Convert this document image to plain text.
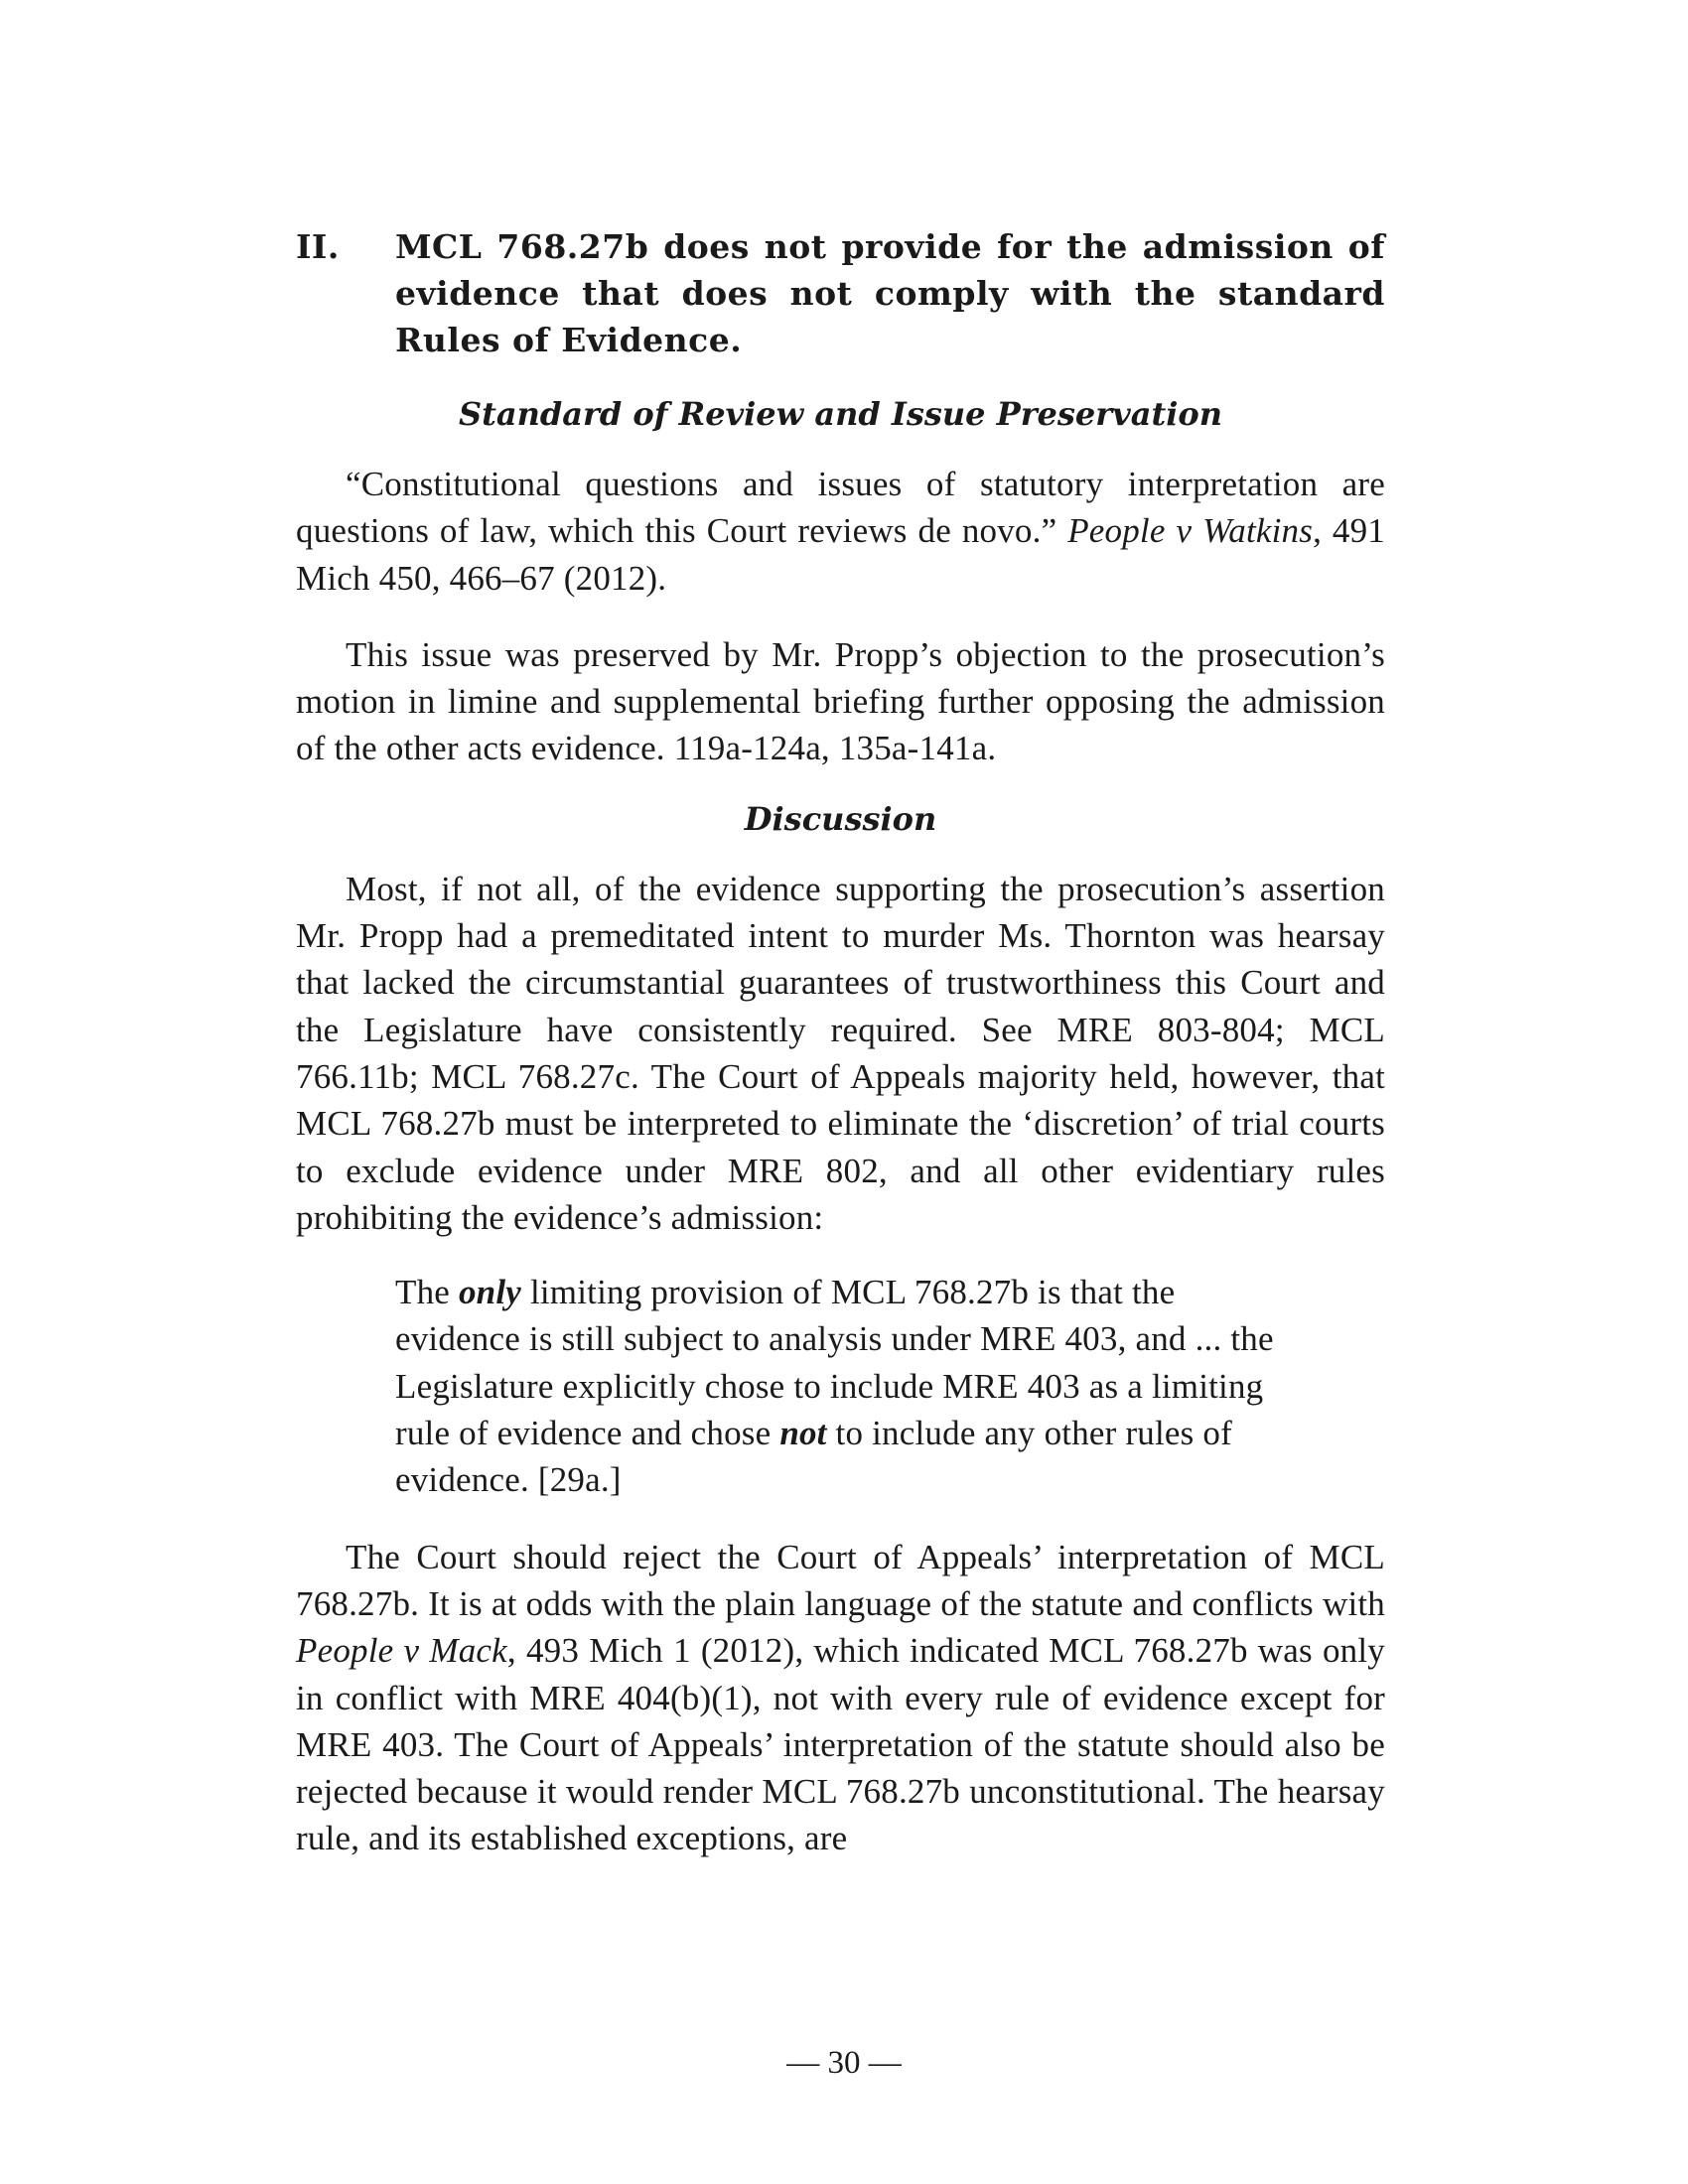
II.	MCL 768.27b does not provide for the admission of evidence that does not comply with the standard Rules of Evidence.
Standard of Review and Issue Preservation

“Constitutional questions and issues of statutory interpretation are questions of law, which this Court reviews de novo.” People v Watkins, 491 Mich 450, 466–67 (2012).

This issue was preserved by Mr. Propp’s objection to the prosecution’s motion in limine and supplemental briefing further opposing the admission of the other acts evidence. 119a-124a, 135a-141a.

Discussion

Most, if not all, of the evidence supporting the prosecution’s assertion Mr. Propp had a premeditated intent to murder Ms. Thornton was hearsay that lacked the circumstantial guarantees of trustworthiness this Court and the Legislature have consistently required. See MRE 803-804; MCL 766.11b; MCL 768.27c. The Court of Appeals majority held, however, that MCL 768.27b must be interpreted to eliminate the ‘discretion’ of trial courts to exclude evidence under MRE 802, and all other evidentiary rules prohibiting the evidence’s admission:

The only limiting provision of MCL 768.27b is that the evidence is still subject to analysis under MRE 403, and ... the Legislature explicitly chose to include MRE 403 as a limiting rule of evidence and chose not to include any other rules of evidence. [29a.]

The Court should reject the Court of Appeals’ interpretation of MCL 768.27b. It is at odds with the plain language of the statute and conflicts with People v Mack, 493 Mich 1 (2012), which indicated MCL 768.27b was only in conflict with MRE 404(b)(1), not with every rule of evidence except for MRE 403. The Court of Appeals’ interpretation of the statute should also be rejected because it would render MCL 768.27b unconstitutional. The hearsay rule, and its established exceptions, are

— 30 —
